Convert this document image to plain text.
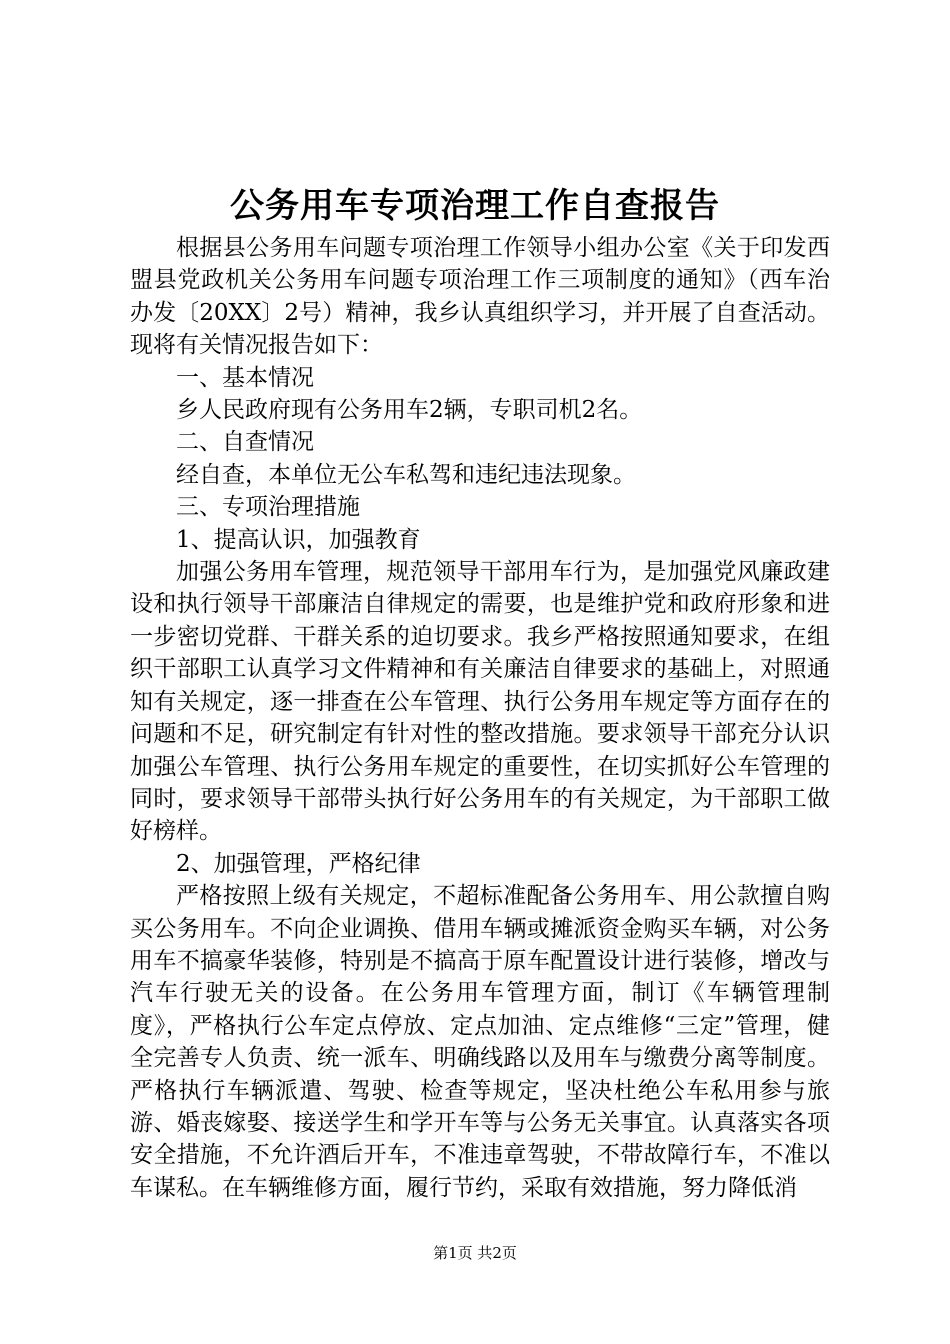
公务用车专项治理工作自查报告

根据县公务用车问题专项治理工作领导小组办公室《关于印发西盟县党政机关公务用车问题专项治理工作三项制度的通知》（西车治办发〔20XX〕2号）精神，我乡认真组织学习，并开展了自查活动。现将有关情况报告如下：

一、基本情况

乡人民政府现有公务用车2辆，专职司机2名。

二、自查情况

经自查，本单位无公车私驾和违纪违法现象。

三、专项治理措施

1、提高认识，加强教育

加强公务用车管理，规范领导干部用车行为，是加强党风廉政建设和执行领导干部廉洁自律规定的需要，也是维护党和政府形象和进一步密切党群、干群关系的迫切要求。我乡严格按照通知要求，在组织干部职工认真学习文件精神和有关廉洁自律要求的基础上，对照通知有关规定，逐一排查在公车管理、执行公务用车规定等方面存在的问题和不足，研究制定有针对性的整改措施。要求领导干部充分认识加强公车管理、执行公务用车规定的重要性，在切实抓好公车管理的同时，要求领导干部带头执行好公务用车的有关规定，为干部职工做好榜样。

2、加强管理，严格纪律

严格按照上级有关规定，不超标准配备公务用车、用公款擅自购买公务用车。不向企业调换、借用车辆或摊派资金购买车辆，对公务用车不搞豪华装修，特别是不搞高于原车配置设计进行装修，增改与汽车行驶无关的设备。在公务用车管理方面，制订《车辆管理制度》，严格执行公车定点停放、定点加油、定点维修“三定”管理，健全完善专人负责、统一派车、明确线路以及用车与缴费分离等制度。严格执行车辆派遣、驾驶、检查等规定，坚决杜绝公车私用参与旅游、婚丧嫁娶、接送学生和学开车等与公务无关事宜。认真落实各项安全措施，不允许酒后开车，不准违章驾驶，不带故障行车，不准以车谋私。在车辆维修方面，履行节约，采取有效措施，努力降低消

第1页 共2页
